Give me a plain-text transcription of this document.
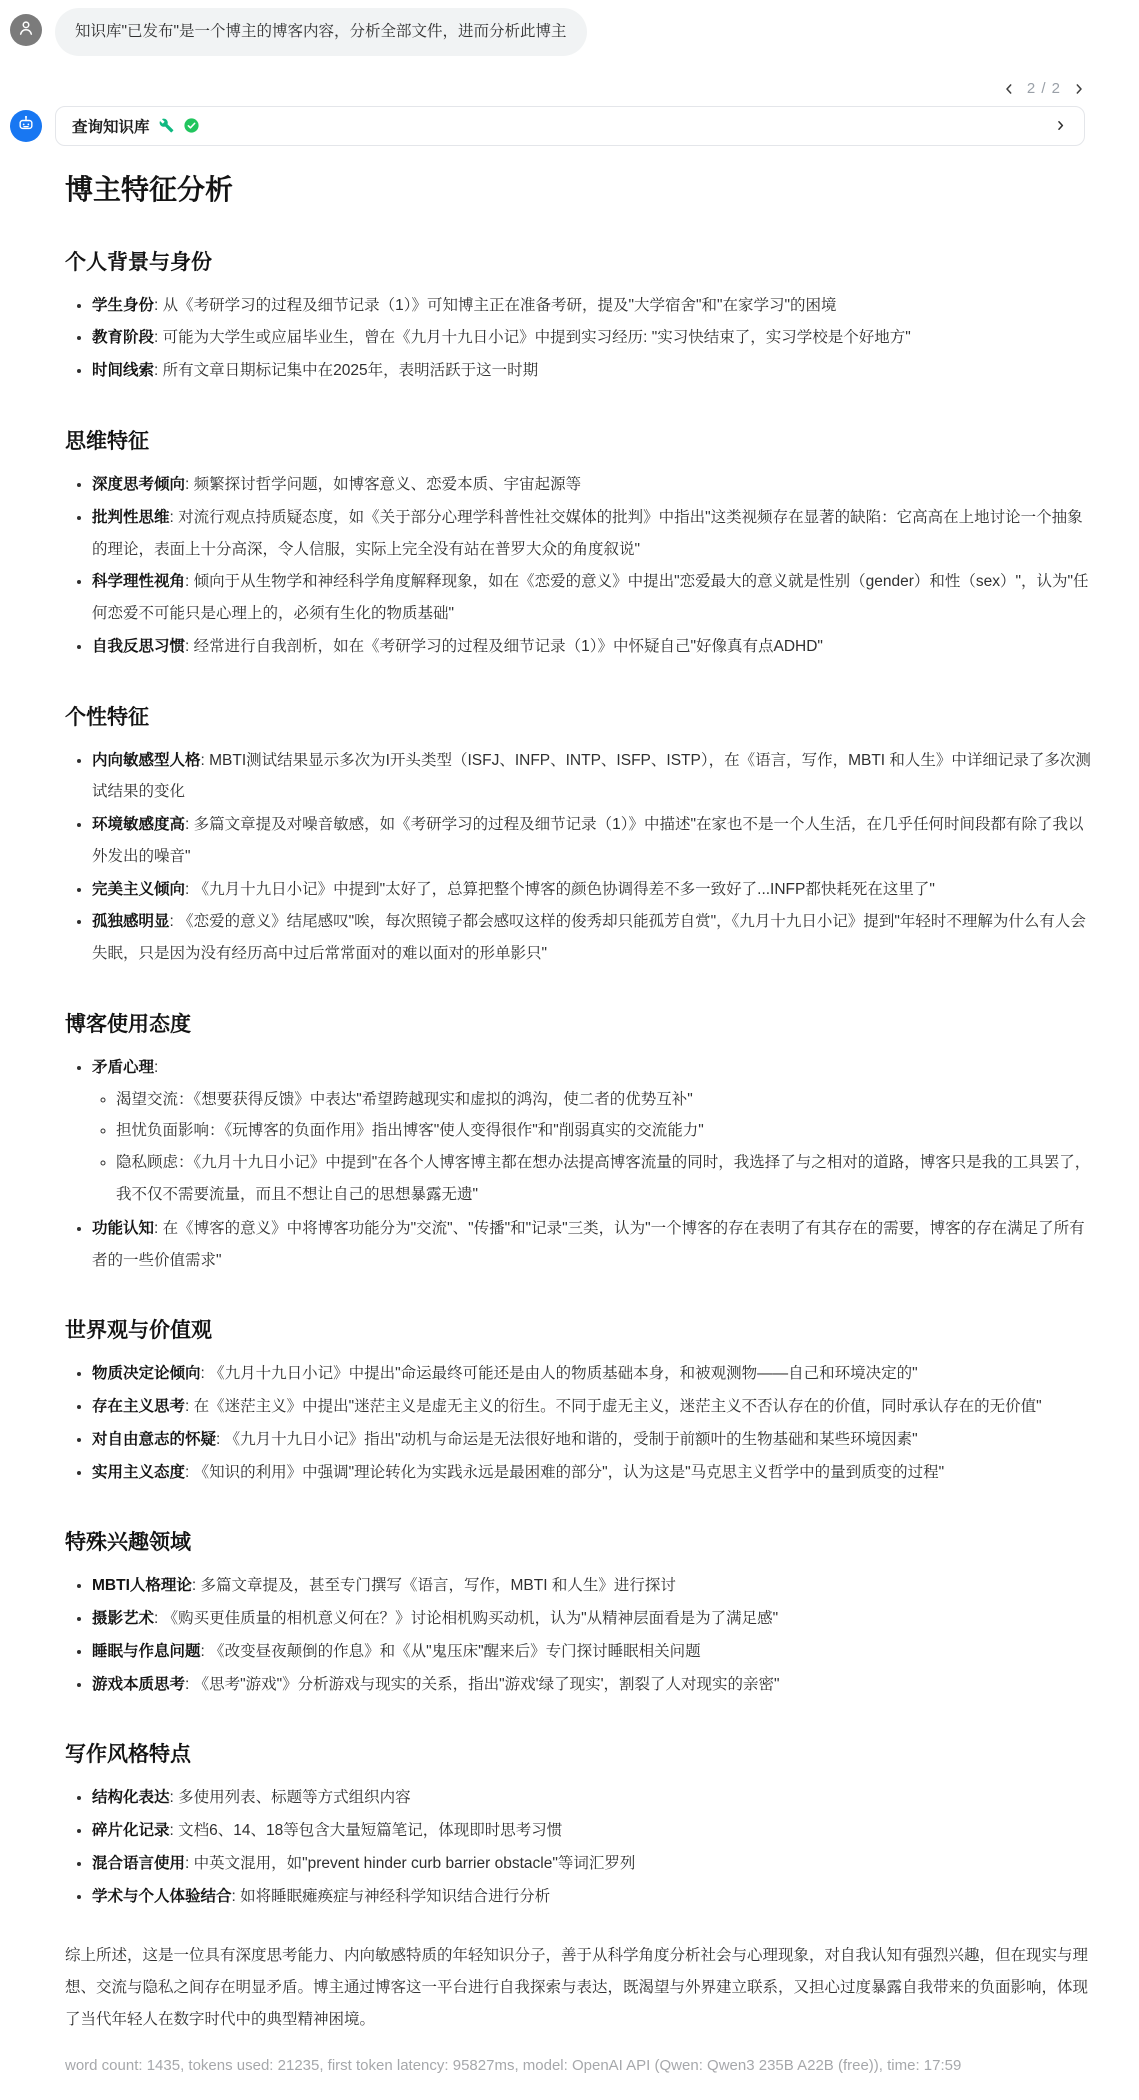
知识库"已发布"是一个博主的博客内容，分析全部文件，进而分析此博主
2 / 2
查询知识库
博主特征分析
个人背景与身份
• 学生身份: 从《考研学习的过程及细节记录（1）》可知博主正在准备考研，提及"大学宿舍"和"在家学习"的困境
• 教育阶段: 可能为大学生或应届毕业生，曾在《九月十九日小记》中提到实习经历: "实习快结束了，实习学校是个好地方"
• 时间线索: 所有文章日期标记集中在2025年，表明活跃于这一时期
思维特征
• 深度思考倾向: 频繁探讨哲学问题，如博客意义、恋爱本质、宇宙起源等
• 批判性思维: 对流行观点持质疑态度，如《关于部分心理学科普性社交媒体的批判》中指出"这类视频存在显著的缺陷：它高高在上地讨论一个抽象的理论，表面上十分高深，令人信服，实际上完全没有站在普罗大众的角度叙说"
• 科学理性视角: 倾向于从生物学和神经科学角度解释现象，如在《恋爱的意义》中提出"恋爱最大的意义就是性别（gender）和性（sex）"，认为"任何恋爱不可能只是心理上的，必须有生化的物质基础"
• 自我反思习惯: 经常进行自我剖析，如在《考研学习的过程及细节记录（1）》中怀疑自己"好像真有点ADHD"
个性特征
• 内向敏感型人格: MBTI测试结果显示多次为I开头类型（ISFJ、INFP、INTP、ISFP、ISTP），在《语言，写作，MBTI 和人生》中详细记录了多次测试结果的变化
• 环境敏感度高: 多篇文章提及对噪音敏感，如《考研学习的过程及细节记录（1）》中描述"在家也不是一个人生活，在几乎任何时间段都有除了我以外发出的噪音"
• 完美主义倾向: 《九月十九日小记》中提到"太好了，总算把整个博客的颜色协调得差不多一致好了...INFP都快耗死在这里了"
• 孤独感明显: 《恋爱的意义》结尾感叹"唉，每次照镜子都会感叹这样的俊秀却只能孤芳自赏"，《九月十九日小记》提到"年轻时不理解为什么有人会失眠，只是因为没有经历高中过后常常面对的难以面对的形单影只"
博客使用态度
• 矛盾心理:
◦ 渴望交流：《想要获得反馈》中表达"希望跨越现实和虚拟的鸿沟，使二者的优势互补"
◦ 担忧负面影响：《玩博客的负面作用》指出博客"使人变得很作"和"削弱真实的交流能力"
◦ 隐私顾虑：《九月十九日小记》中提到"在各个人博客博主都在想办法提高博客流量的同时，我选择了与之相对的道路，博客只是我的工具罢了，我不仅不需要流量，而且不想让自己的思想暴露无遗"
• 功能认知: 在《博客的意义》中将博客功能分为"交流"、"传播"和"记录"三类，认为"一个博客的存在表明了有其存在的需要，博客的存在满足了所有者的一些价值需求"
世界观与价值观
• 物质决定论倾向: 《九月十九日小记》中提出"命运最终可能还是由人的物质基础本身，和被观测物——自己和环境决定的"
• 存在主义思考: 在《迷茫主义》中提出"迷茫主义是虚无主义的衍生。不同于虚无主义，迷茫主义不否认存在的价值，同时承认存在的无价值"
• 对自由意志的怀疑: 《九月十九日小记》指出"动机与命运是无法很好地和谐的，受制于前额叶的生物基础和某些环境因素"
• 实用主义态度: 《知识的利用》中强调"理论转化为实践永远是最困难的部分"，认为这是"马克思主义哲学中的量到质变的过程"
特殊兴趣领域
• MBTI人格理论: 多篇文章提及，甚至专门撰写《语言，写作，MBTI 和人生》进行探讨
• 摄影艺术: 《购买更佳质量的相机意义何在？》讨论相机购买动机，认为"从精神层面看是为了满足感"
• 睡眠与作息问题: 《改变昼夜颠倒的作息》和《从"鬼压床"醒来后》专门探讨睡眠相关问题
• 游戏本质思考: 《思考"游戏"》分析游戏与现实的关系，指出"游戏'绿了现实'，割裂了人对现实的亲密"
写作风格特点
• 结构化表达: 多使用列表、标题等方式组织内容
• 碎片化记录: 文档6、14、18等包含大量短篇笔记，体现即时思考习惯
• 混合语言使用: 中英文混用，如"prevent hinder curb barrier obstacle"等词汇罗列
• 学术与个人体验结合: 如将睡眠瘫痪症与神经科学知识结合进行分析

综上所述，这是一位具有深度思考能力、内向敏感特质的年轻知识分子，善于从科学角度分析社会与心理现象，对自我认知有强烈兴趣，但在现实与理想、交流与隐私之间存在明显矛盾。博主通过博客这一平台进行自我探索与表达，既渴望与外界建立联系，又担心过度暴露自我带来的负面影响，体现了当代年轻人在数字时代中的典型精神困境。

word count: 1435, tokens used: 21235, first token latency: 95827ms, model: OpenAI API (Qwen: Qwen3 235B A22B (free)), time: 17:59
